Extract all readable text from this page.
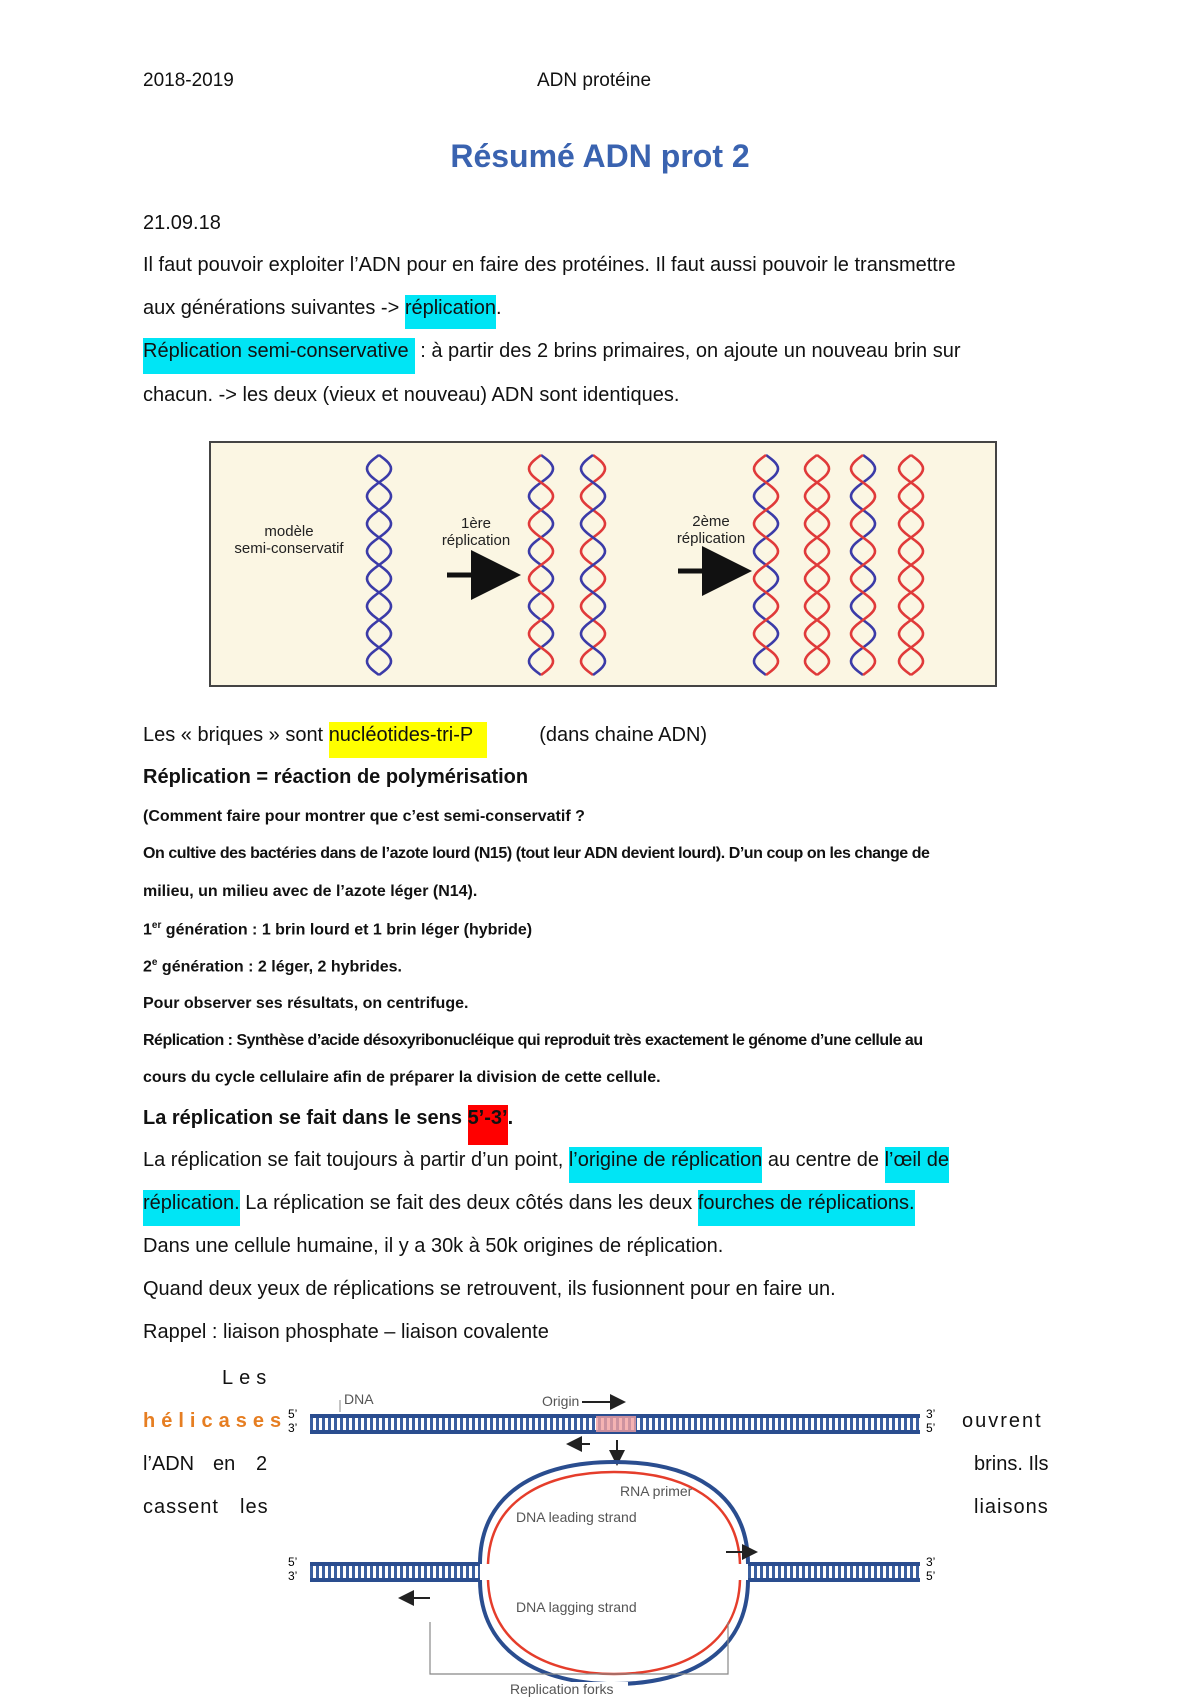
2018-2019	ADN protéine
Résumé ADN prot 2
21.09.18
Il faut pouvoir exploiter l’ADN pour en faire des protéines. Il faut aussi pouvoir le transmettre
aux générations suivantes -> réplication.
Réplication semi-conservative : à partir des 2 brins primaires, on ajoute un nouveau brin sur
chacun. -> les deux (vieux et nouveau) ADN sont identiques.
modèle
semi-conservatif
1ère
réplication
2ème
réplication
Les « briques » sont nucléotides-tri-P	(dans chaine ADN)
Réplication = réaction de polymérisation
(Comment faire pour montrer que c’est semi-conservatif ?
On cultive des bactéries dans de l’azote lourd (N15) (tout leur ADN devient lourd). D’un coup on les change de
milieu, un milieu avec de l’azote léger (N14).
1er génération : 1 brin lourd et 1 brin léger (hybride)
2e génération : 2 léger, 2 hybrides.
Pour observer ses résultats, on centrifuge.
Réplication : Synthèse d’acide désoxyribonucléique qui reproduit très exactement le génome d’une cellule au
cours du cycle cellulaire afin de préparer la division de cette cellule.
La réplication se fait dans le sens 5’-3’.
La réplication se fait toujours à partir d’un point, l’origine de réplication au centre de l’œil de
réplication. La réplication se fait des deux côtés dans les deux fourches de réplications.
Dans une cellule humaine, il y a 30k à 50k origines de réplication.
Quand deux yeux de réplications se retrouvent, ils fusionnent pour en faire un.
Rappel : liaison phosphate – liaison covalente
Les
hélicases	ouvrent
l’ADN en 2	brins. Ils
cassent les	liaisons
5’
3’
3’
5’
5’
3’
3’
5’
DNA	Origin
RNA primer
DNA leading strand
DNA lagging strand
Replication forks
